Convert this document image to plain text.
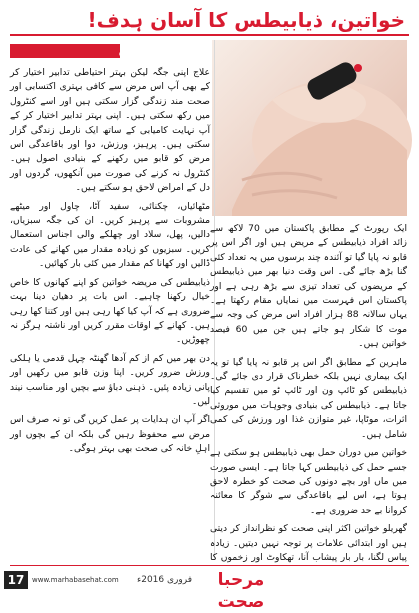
خواتین، ذیابیطس کا آسان ہدف!
ثمینہ فیاض

علاج اپنی جگہ لیکن بہتر احتیاطی تدابیر اختیار کر کے بھی آپ اس مرض سے کافی بہتری اکتسابی اور صحت مند زندگی گزار سکتی ہیں اور اسے کنٹرول میں رکھ سکتی ہیں۔ اپنی بہتر تدابیر اختیار کر کے آپ نہایت کامیابی کے ساتھ ایک نارمل زندگی گزار سکتی ہیں۔ پرہیز، ورزش، دوا اور باقاعدگی اس مرض کو قابو میں رکھنے کے بنیادی اصول ہیں۔ کنٹرول نہ کرنے کی صورت میں آنکھوں، گردوں اور دل کے امراض لاحق ہو سکتے ہیں۔

مٹھائیاں، چکنائی، سفید آٹا، چاول اور میٹھے مشروبات سے پرہیز کریں۔ ان کی جگہ سبزیاں، دالیں، پھل، سلاد اور چھلکے والی اجناس استعمال کریں۔ سبزیوں کو زیادہ مقدار میں کھانے کی عادت ڈالیں اور کھانا کم مقدار میں کئی بار کھائیں۔

ذیابیطس کی مریضہ خواتین کو اپنے کھانوں کا خاص خیال رکھنا چاہیے۔ اس بات پر دھیان دینا بہت ضروری ہے کہ آپ کیا کھا رہی ہیں اور کتنا کھا رہی ہیں۔ کھانے کے اوقات مقرر کریں اور ناشتہ ہرگز نہ چھوڑیں۔

دن بھر میں کم از کم آدھا گھنٹہ چہل قدمی یا ہلکی ورزش ضرور کریں۔ اپنا وزن قابو میں رکھیں اور پانی زیادہ پئیں۔ ذہنی دباؤ سے بچیں اور مناسب نیند لیں۔

اگر آپ ان ہدایات پر عمل کریں گی تو نہ صرف اس مرض سے محفوظ رہیں گی بلکہ ان کے بچوں اور اہلِ خانہ کی صحت بھی بہتر ہوگی۔

ایک رپورٹ کے مطابق پاکستان میں 70 لاکھ سے زائد افراد ذیابیطس کے مریض ہیں اور اگر اس پر قابو نہ پایا گیا تو آئندہ چند برسوں میں یہ تعداد کئی گنا بڑھ جائے گی۔ اس وقت دنیا بھر میں ذیابیطس کے مریضوں کی تعداد تیزی سے بڑھ رہی ہے اور پاکستان اس فہرست میں نمایاں مقام رکھتا ہے۔ یہاں سالانہ 88 ہزار افراد اس مرض کی وجہ سے موت کا شکار ہو جاتے ہیں جن میں 60 فیصد خواتین ہیں۔

ماہرین کے مطابق اگر اس پر قابو نہ پایا گیا تو یہ ایک بیماری نہیں بلکہ خطرناک قرار دی جائے گی۔ ذیابیطس کو ٹائپ ون اور ٹائپ ٹو میں تقسیم کیا جاتا ہے۔ ذیابیطس کی بنیادی وجوہات میں موروثی اثرات، موٹاپا، غیر متوازن غذا اور ورزش کی کمی شامل ہیں۔

خواتین میں دوران حمل بھی ذیابیطس ہو سکتی ہے جسے حمل کی ذیابیطس کہا جاتا ہے۔ ایسی صورت میں ماں اور بچے دونوں کی صحت کو خطرہ لاحق ہوتا ہے، اس لیے باقاعدگی سے شوگر کا معائنہ کروانا بے حد ضروری ہے۔

گھریلو خواتین اکثر اپنی صحت کو نظرانداز کر دیتی ہیں اور ابتدائی علامات پر توجہ نہیں دیتیں۔ زیادہ پیاس لگنا، بار بار پیشاب آنا، تھکاوٹ اور زخموں کا

17	www.marhabasehat.com	فروری 2016ء	مرحبا صحت
